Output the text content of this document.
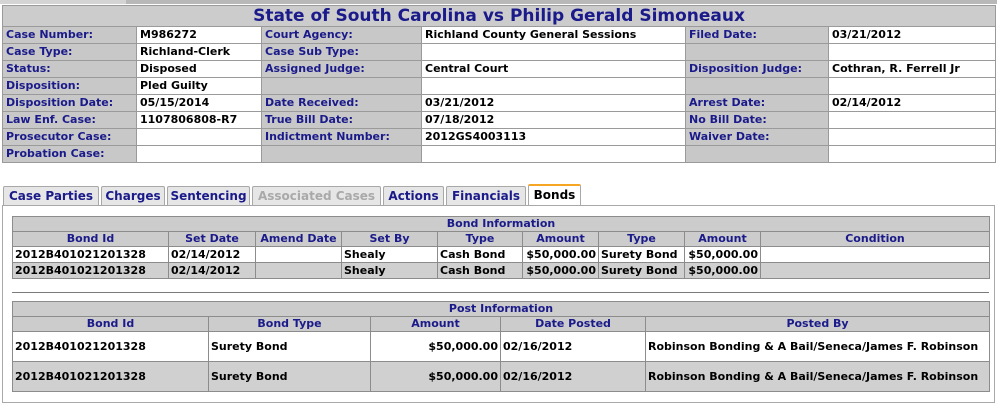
State of South Carolina vs Philip Gerald Simoneaux					
Case Number:	M986272	Court Agency:	Richland County General Sessions	Filed Date:	03/21/2012
Case Type:	Richland-Clerk	Case Sub Type:			
Status:	Disposed	Assigned Judge:	Central Court	Disposition Judge:	Cothran, R. Ferrell Jr
Disposition:	Pled Guilty				
Disposition Date:	05/15/2014	Date Received:	03/21/2012	Arrest Date:	02/14/2012
Law Enf. Case:	1107806808-R7	True Bill Date:	07/18/2012	No Bill Date:	
Prosecutor Case:		Indictment Number:	2012GS4003113	Waiver Date:	
Probation Case:					
Case Parties	Charges Sentencing Associated Cases	Actions	Financials	Bonds
Bond Information								
Bond Id	Set Date	Amend Date	Set By	Type	Amount	Type	Amount	Condition
2012B401021201328	02/14/2012		Shealy	Cash Bond	$50,000.00	Surety Bond	$50,000.00	
2012B401021201328	02/14/2012		Shealy	Cash Bond	$50,000.00	Surety Bond	$50,000.00	
Post Information				
Bond Id	Bond Type	Amount	Date Posted	Posted By
2012B401021201328	Surety Bond	$50,000.00	02/16/2012	Robinson Bonding & A Bail/Seneca/James F. Robinson
2012B401021201328	Surety Bond	$50,000.00	02/16/2012	Robinson Bonding & A Bail/Seneca/James F. Robinson
